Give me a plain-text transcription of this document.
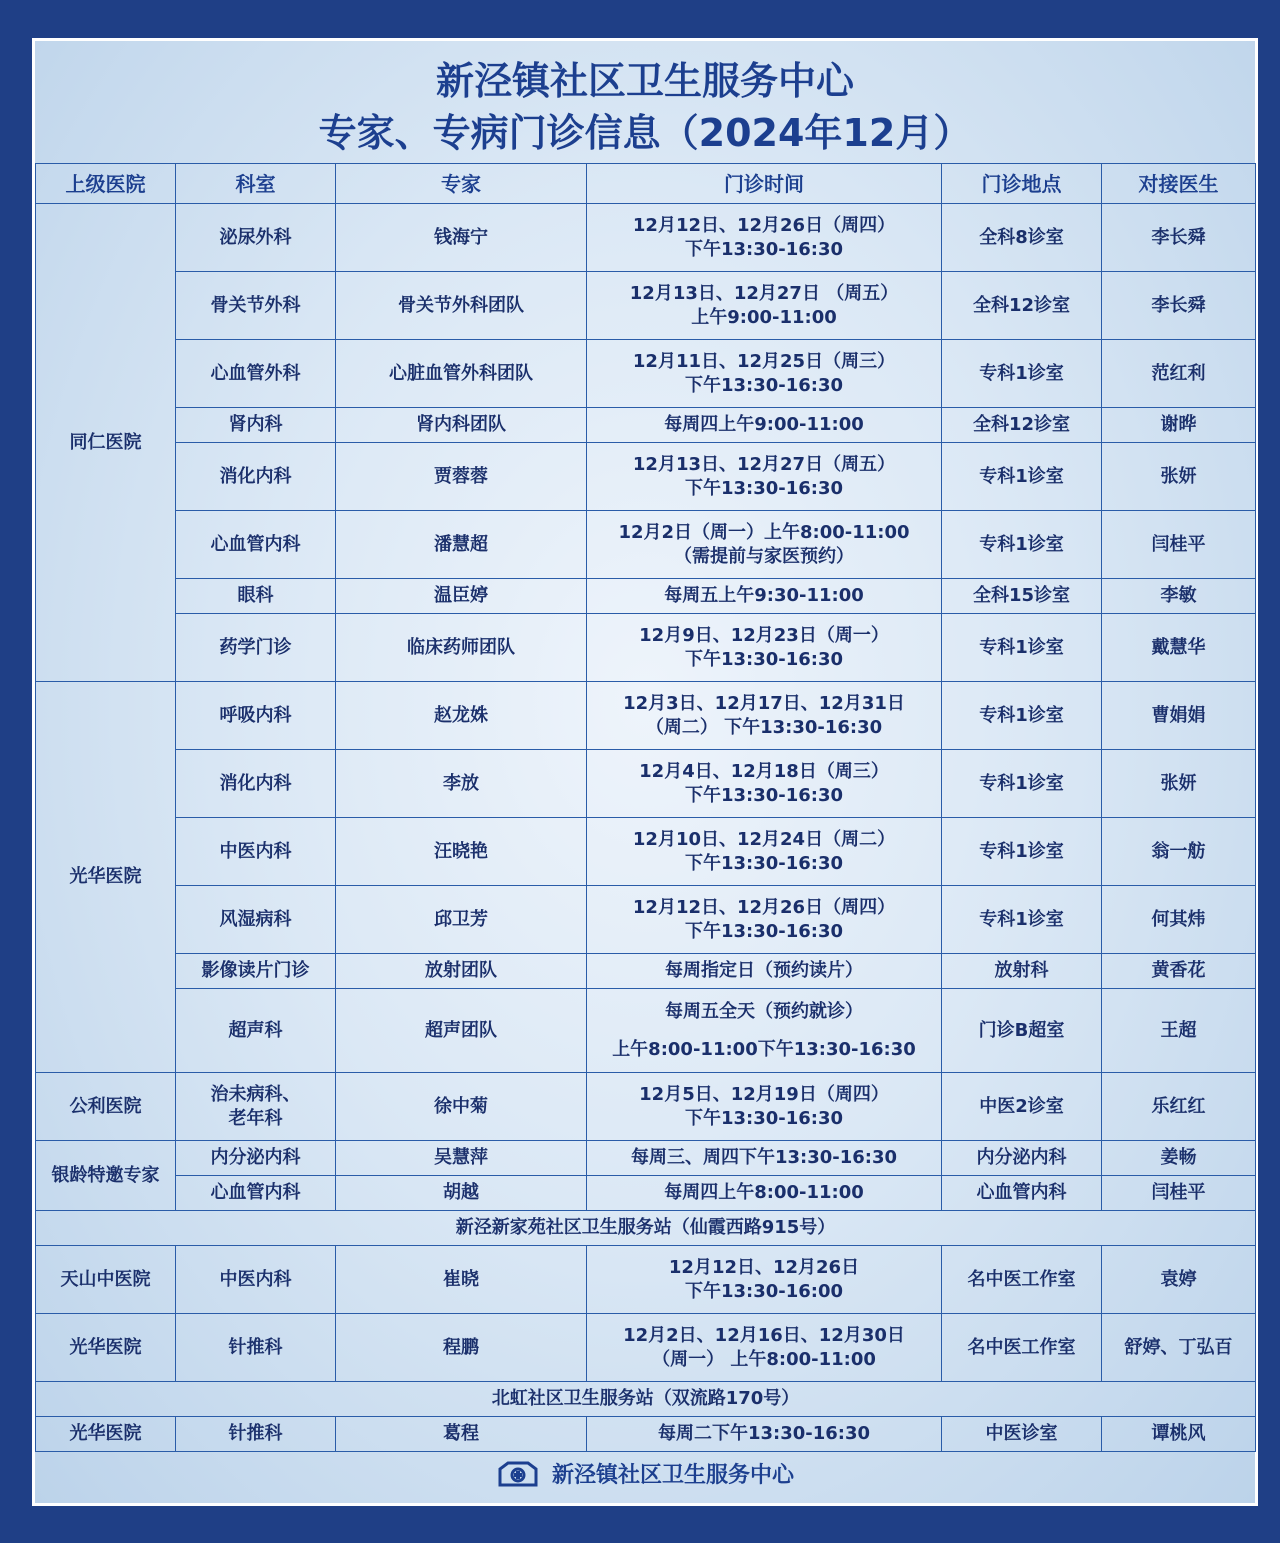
新泾镇社区卫生服务中心
专家、专病门诊信息（2024年12月）
上级医院	科室	专家	门诊时间	门诊地点	对接医生
同仁医院	泌尿外科	钱海宁	12月12日、12月26日（周四）
下午13:30-16:30	全科8诊室	李长舜
	骨关节外科	骨关节外科团队	12月13日、12月27日 （周五）
上午9:00-11:00	全科12诊室	李长舜
	心血管外科	心脏血管外科团队	12月11日、12月25日（周三）
下午13:30-16:30	专科1诊室	范红利
	肾内科	肾内科团队	每周四上午9:00-11:00	全科12诊室	谢晔
	消化内科	贾蓉蓉	12月13日、12月27日（周五）
下午13:30-16:30	专科1诊室	张妍
	心血管内科	潘慧超	12月2日（周一）上午8:00-11:00
（需提前与家医预约）	专科1诊室	闫桂平
	眼科	温臣婷	每周五上午9:30-11:00	全科15诊室	李敏
	药学门诊	临床药师团队	12月9日、12月23日（周一）
下午13:30-16:30	专科1诊室	戴慧华
光华医院	呼吸内科	赵龙姝	12月3日、12月17日、12月31日
（周二） 下午13:30-16:30	专科1诊室	曹娟娟
	消化内科	李放	12月4日、12月18日（周三）
下午13:30-16:30	专科1诊室	张妍
	中医内科	汪晓艳	12月10日、12月24日（周二）
下午13:30-16:30	专科1诊室	翁一舫
	风湿病科	邱卫芳	12月12日、12月26日（周四）
下午13:30-16:30	专科1诊室	何其炜
	影像读片门诊	放射团队	每周指定日（预约读片）	放射科	黄香花
	超声科	超声团队	每周五全天（预约就诊）
上午8:00-11:00下午13:30-16:30	门诊B超室	王超
公利医院	治未病科、老年科	徐中菊	12月5日、12月19日（周四）
下午13:30-16:30	中医2诊室	乐红红
银龄特邀专家	内分泌内科	吴慧萍	每周三、周四下午13:30-16:30	内分泌内科	姜畅
	心血管内科	胡越	每周四上午8:00-11:00	心血管内科	闫桂平
新泾新家苑社区卫生服务站（仙霞西路915号）					
天山中医院	中医内科	崔晓	12月12日、12月26日
下午13:30-16:00	名中医工作室	袁婷
光华医院	针推科	程鹏	12月2日、12月16日、12月30日
（周一） 上午8:00-11:00	名中医工作室	舒婷、丁弘百
北虹社区卫生服务站（双流路170号）					
光华医院	针推科	葛程	每周二下午13:30-16:30	中医诊室	谭桃风
新泾镇社区卫生服务中心
